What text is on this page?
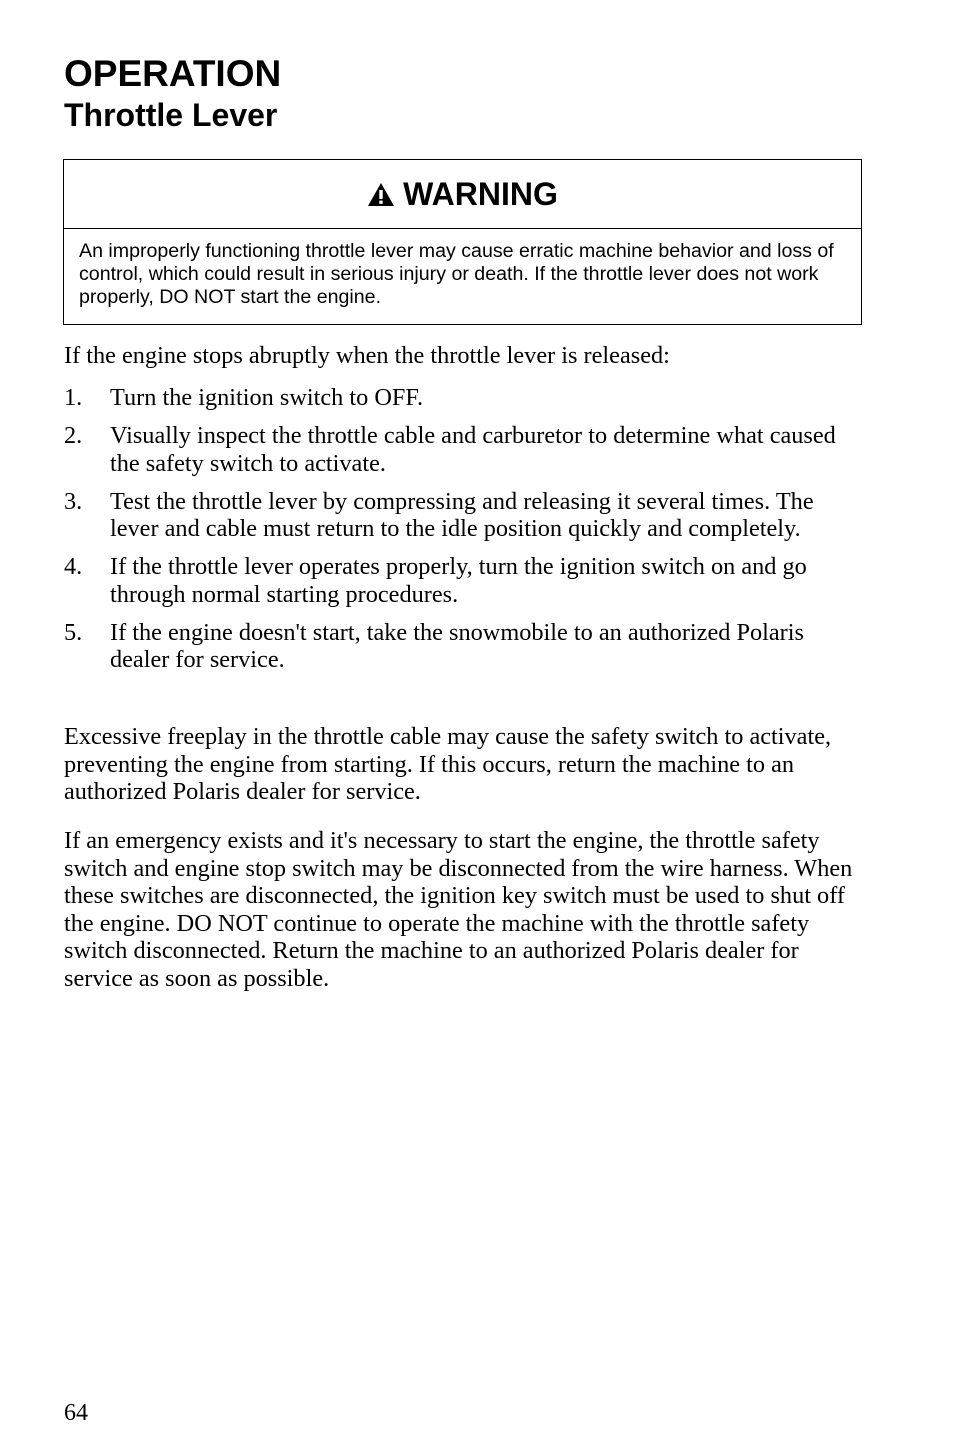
OPERATION
Throttle Lever
WARNING

An improperly functioning throttle lever may cause erratic machine behavior and loss of control, which could result in serious injury or death. If the throttle lever does not work properly, DO NOT start the engine.

If the engine stops abruptly when the throttle lever is released:

1. Turn the ignition switch to OFF.
2. Visually inspect the throttle cable and carburetor to determine what caused the safety switch to activate.
3. Test the throttle lever by compressing and releasing it several times. The lever and cable must return to the idle position quickly and completely.
4. If the throttle lever operates properly, turn the ignition switch on and go through normal starting procedures.
5. If the engine doesn't start, take the snowmobile to an authorized Polaris dealer for service.

Excessive freeplay in the throttle cable may cause the safety switch to activate, preventing the engine from starting. If this occurs, return the machine to an authorized Polaris dealer for service.

If an emergency exists and it's necessary to start the engine, the throttle safety switch and engine stop switch may be disconnected from the wire harness. When these switches are disconnected, the ignition key switch must be used to shut off the engine. DO NOT continue to operate the machine with the throttle safety switch disconnected. Return the machine to an authorized Polaris dealer for service as soon as possible.

64
